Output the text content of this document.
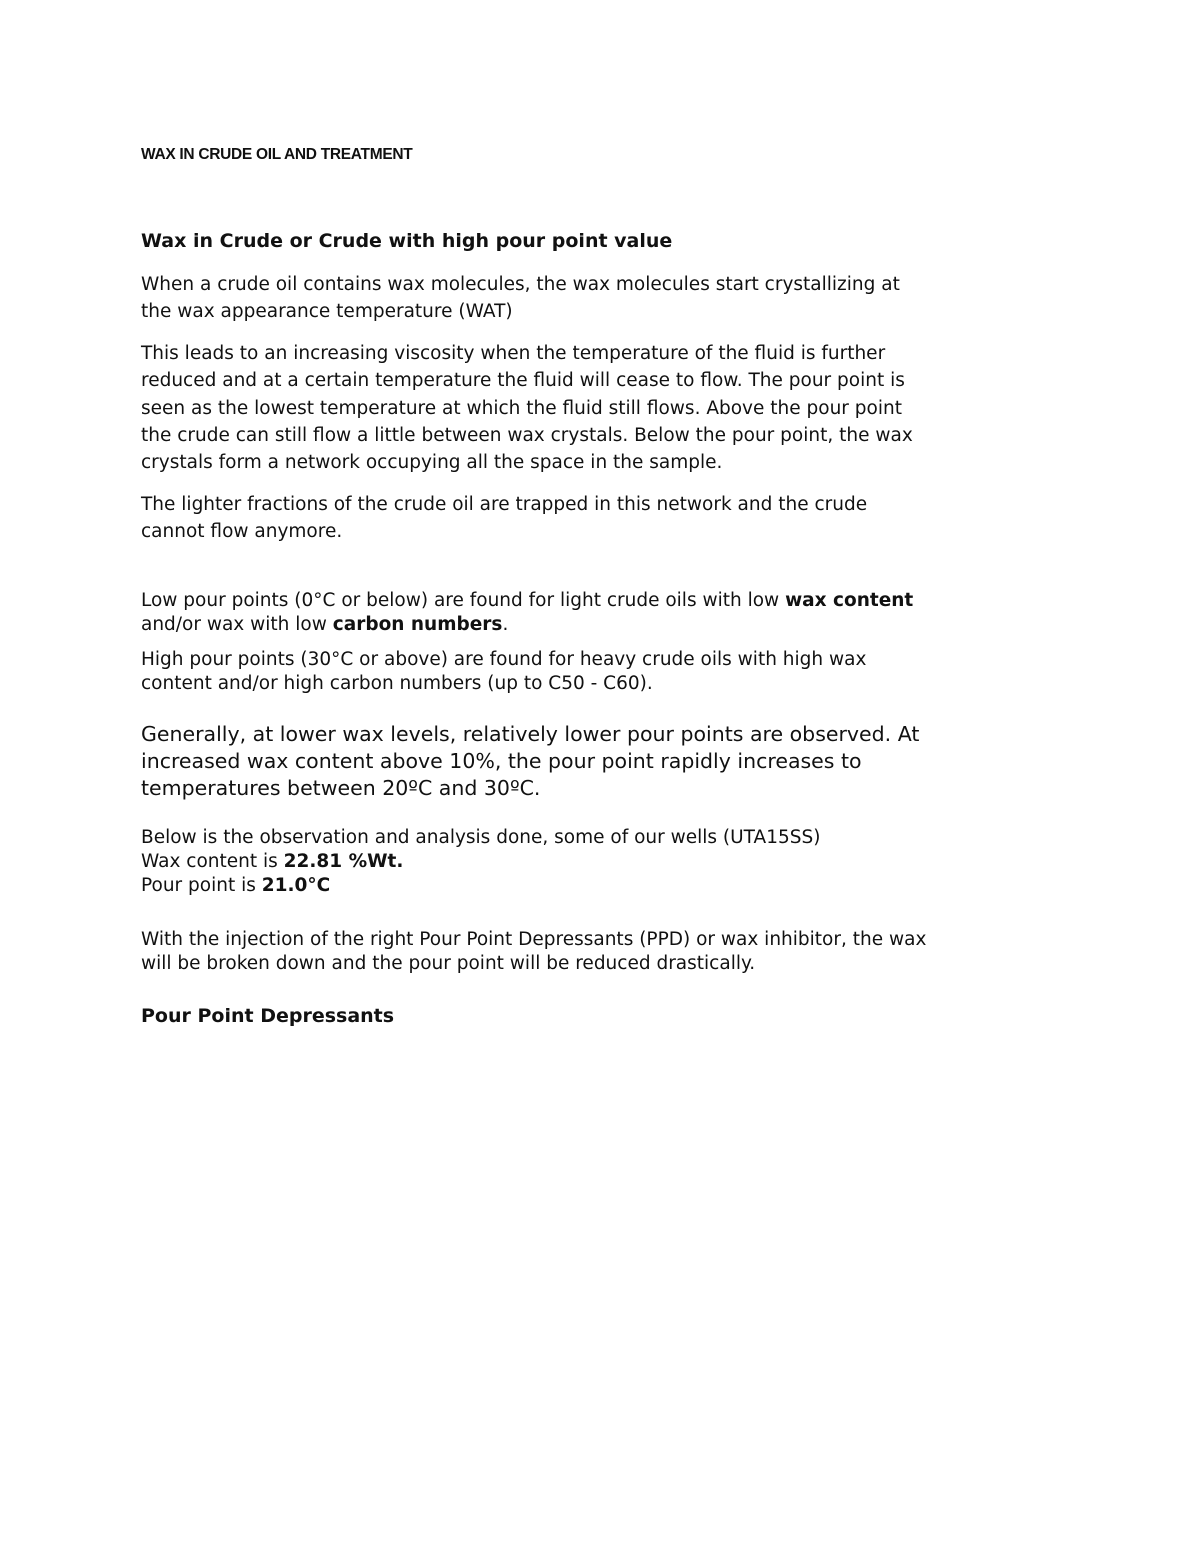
WAX IN CRUDE OIL AND TREATMENT
Wax in Crude or Crude with high pour point value

When a crude oil contains wax molecules, the wax molecules start crystallizing at
the wax appearance temperature (WAT)

This leads to an increasing viscosity when the temperature of the fluid is further
reduced and at a certain temperature the fluid will cease to flow. The pour point is
seen as the lowest temperature at which the fluid still flows. Above the pour point
the crude can still flow a little between wax crystals. Below the pour point, the wax
crystals form a network occupying all the space in the sample.

The lighter fractions of the crude oil are trapped in this network and the crude
cannot flow anymore.

Low pour points (0°C or below) are found for light crude oils with low wax content
and/or wax with low carbon numbers.

High pour points (30°C or above) are found for heavy crude oils with high wax
content and/or high carbon numbers (up to C50 - C60).

Generally, at lower wax levels, relatively lower pour points are observed. At
increased wax content above 10%, the pour point rapidly increases to
temperatures between 20ºC and 30ºC.

Below is the observation and analysis done, some of our wells (UTA15SS)
Wax content is 22.81 %Wt.
Pour point is 21.0°C

With the injection of the right Pour Point Depressants (PPD) or wax inhibitor, the wax
will be broken down and the pour point will be reduced drastically.

Pour Point Depressants
